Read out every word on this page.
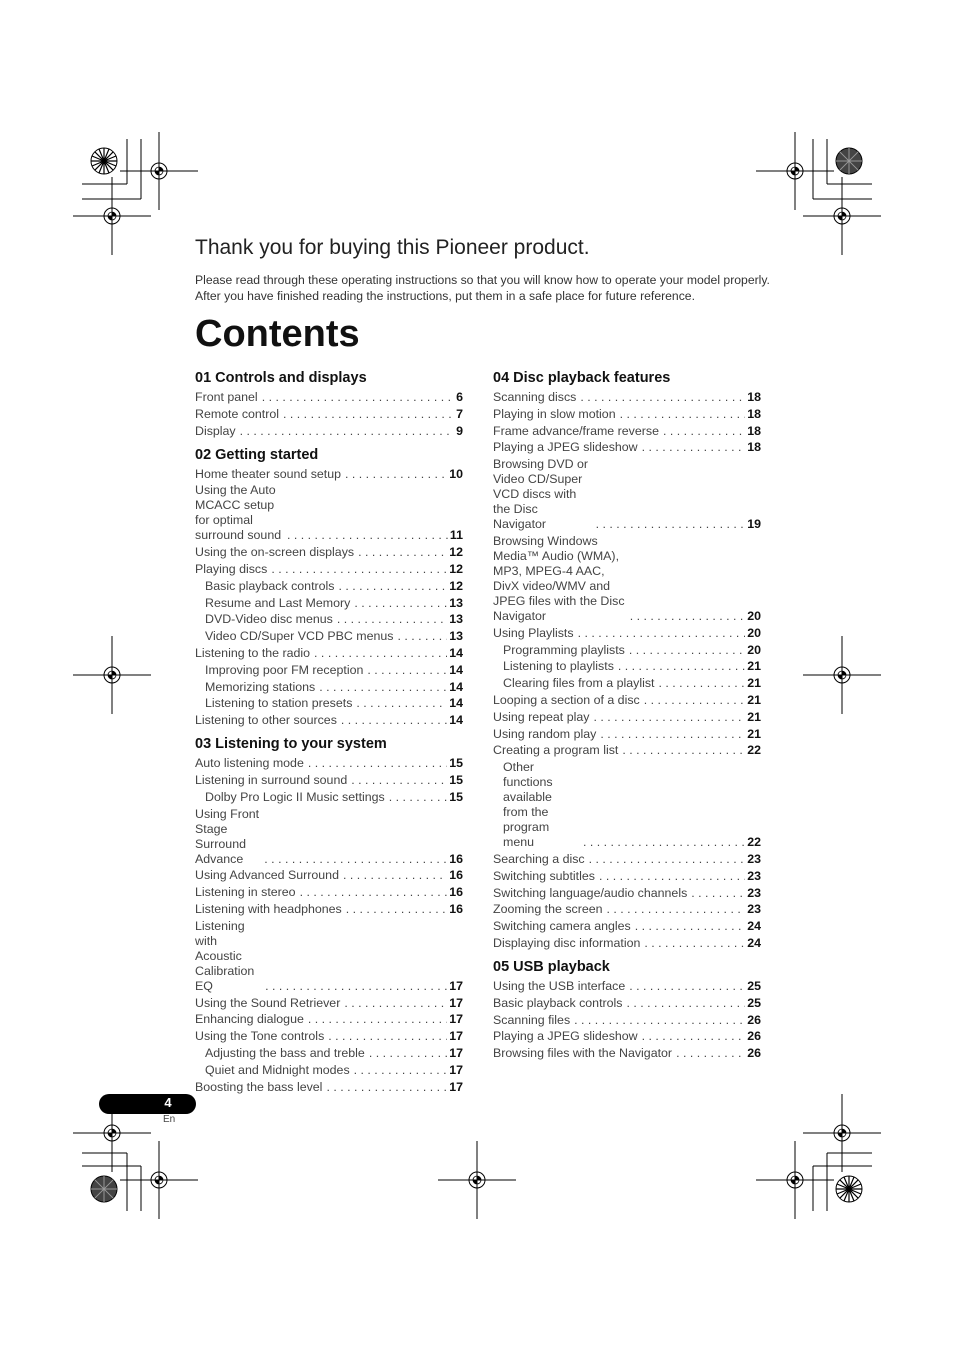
Thank you for buying this Pioneer product.

Please read through these operating instructions so that you will know how to operate your model properly. After you have finished reading the instructions, put them in a safe place for future reference.

Contents
01 Controls and displays
Front panel . . .	6
Remote control . . .	7
Display . . .	9
02 Getting started
Home theater sound setup . . .	10
Using the Auto MCACC setup for optimal surround sound . . .	11
Using the on-screen displays . . .	12
Playing discs . . .	12
Basic playback controls . . .	12
Resume and Last Memory . . .	13
DVD-Video disc menus . . .	13
Video CD/Super VCD PBC menus . . .	13
Listening to the radio . . .	14
Improving poor FM reception . . .	14
Memorizing stations . . .	14
Listening to station presets . . .	14
Listening to other sources . . .	14
03 Listening to your system
Auto listening mode . . .	15
Listening in surround sound . . .	15
Dolby Pro Logic II Music settings . . .	15
Using Front Stage Surround Advance . . .	16
Using Advanced Surround . . .	16
Listening in stereo . . .	16
Listening with headphones . . .	16
Listening with Acoustic Calibration EQ . . .	17
Using the Sound Retriever . . .	17
Enhancing dialogue . . .	17
Using the Tone controls . . .	17
Adjusting the bass and treble . . .	17
Quiet and Midnight modes . . .	17
Boosting the bass level . . .	17
04 Disc playback features
Scanning discs . . .	18
Playing in slow motion . . .	18
Frame advance/frame reverse . . .	18
Playing a JPEG slideshow . . .	18
Browsing DVD or Video CD/Super VCD discs with the Disc Navigator . . .	19
Browsing Windows Media™ Audio (WMA), MP3, MPEG-4 AAC, DivX video/WMV and JPEG files with the Disc Navigator . . .	20
Using Playlists . . .	20
Programming playlists . . .	20
Listening to playlists . . .	21
Clearing files from a playlist . . .	21
Looping a section of a disc . . .	21
Using repeat play . . .	21
Using random play . . .	21
Creating a program list . . .	22
Other functions available from the program menu . . .	22
Searching a disc . . .	23
Switching subtitles . . .	23
Switching language/audio channels . . .	23
Zooming the screen . . .	23
Switching camera angles . . .	24
Displaying disc information . . .	24
05 USB playback
Using the USB interface . . .	25
Basic playback controls . . .	25
Scanning files . . .	26
Playing a JPEG slideshow . . .	26
Browsing files with the Navigator . . .	26
4
En
